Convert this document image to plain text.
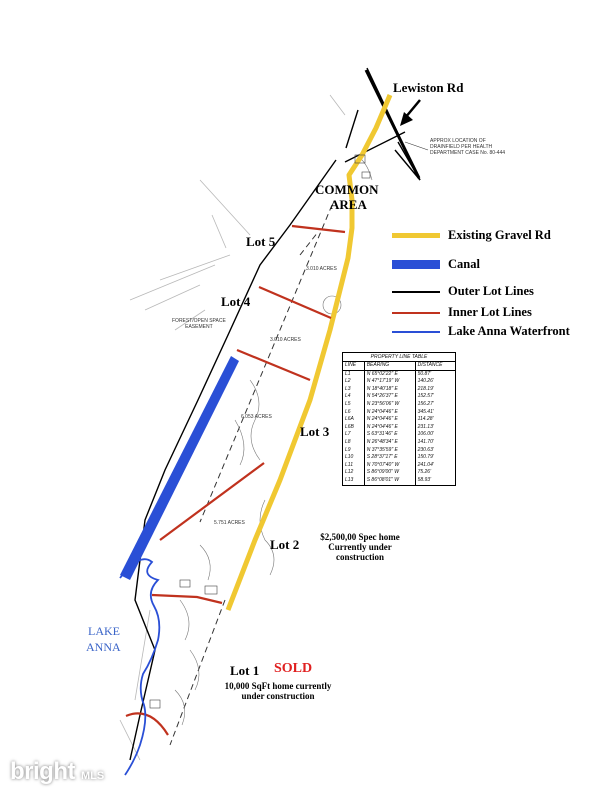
Existing Gravel Rd
Canal
Outer Lot Lines
Inner Lot Lines
Lake Anna Waterfront
Lewiston Rd
COMMON
AREA
Lot 5
Lot 4
Lot 3
Lot 2
Lot 1 SOLD
LAKE
ANNA
$2,500,00 Spec home
Currently under
construction
10,000 SqFt home currently
under construction
3.010 ACRES
3.010 ACRES
6.053 ACRES
5.751 ACRES
APPROX LOCATION OF
DRAINFIELD PER HEALTH
DEPARTMENT CASE No. 80-444
FOREST/OPEN SPACE
EASEMENT
PROPERTY LINE TABLE
LINE	BEARING	DISTANCE
L1	N 65°02'22" E	50.87'
L2	N 47°17'19" W	140.26'
L3	N 18°40'18" E	218.19'
L4	N 54°26'37" E	152.57'
L5	N 23°56'06" W	156.27'
L6	N 24°04'46" E	345.41'
L6A	N 24°04'46" E	114.28'
L6B	N 24°04'46" E	231.13'
L7	S 63°31'46" E	106.00'
L8	N 26°48'34" E	141.70'
L9	N 37°35'59" E	230.63'
L10	S 28°37'17" E	150.79'
L11	N 70°07'40" W	241.04'
L12	S 86°09'00" W	75.26'
L13	S 86°08'01" W	58.93'
bright MLS
